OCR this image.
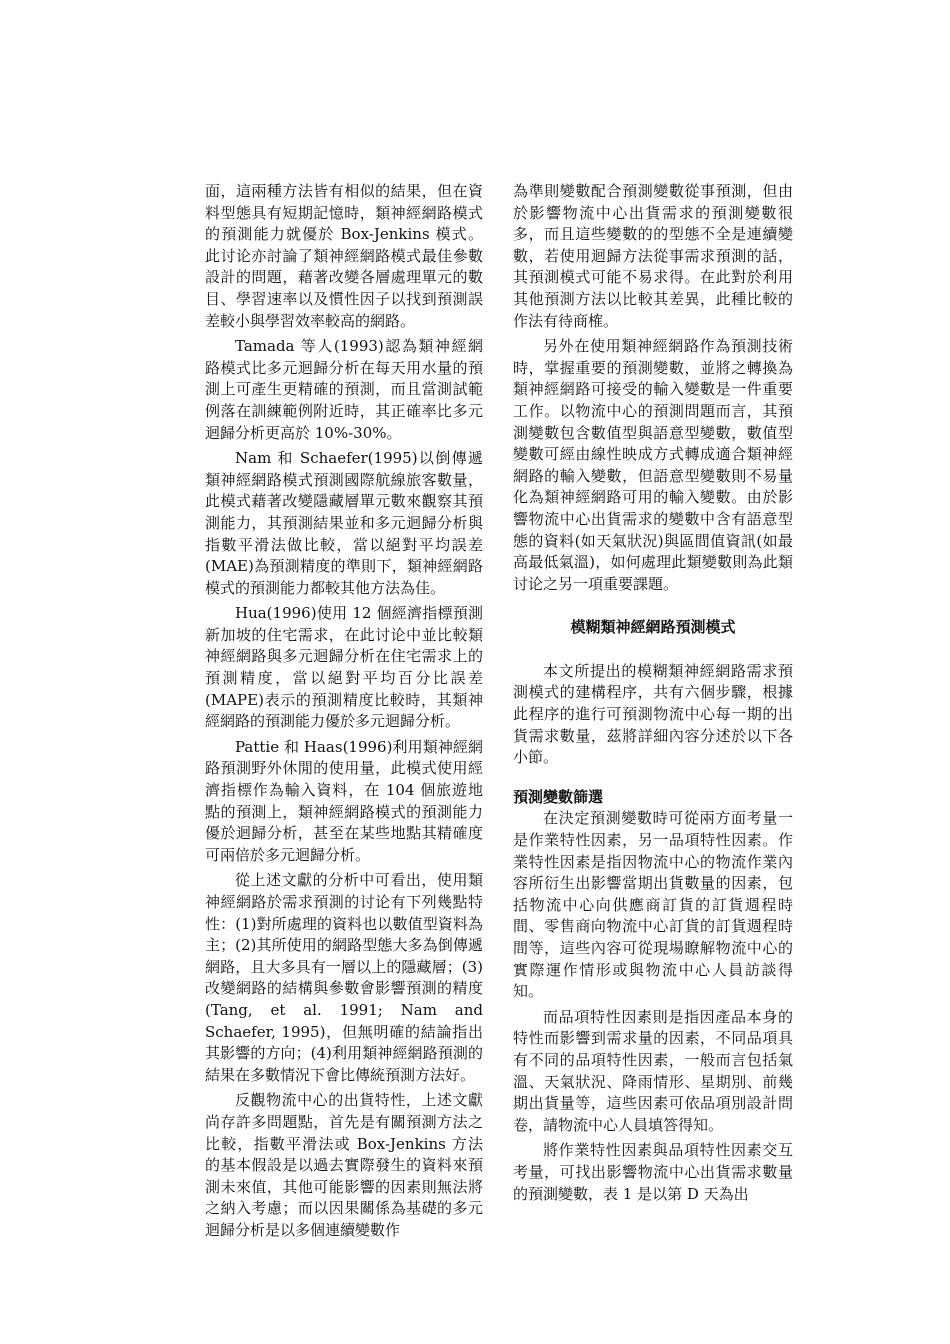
面，這兩種方法皆有相似的結果，但在資料型態具有短期記憶時，類神經網路模式的預測能力就優於 Box-Jenkins 模式。此讨论亦討論了類神經網路模式最佳參數設計的問題，藉著改變各層處理單元的數目、學習速率以及慣性因子以找到預測誤差較小與學習效率較高的網路。

Tamada 等人(1993)認為類神經網路模式比多元迴歸分析在每天用水量的預測上可產生更精確的預測，而且當測試範例落在訓練範例附近時，其正確率比多元迴歸分析更高於 10%-30%。

Nam 和 Schaefer(1995)以倒傳遞類神經網路模式預測國際航線旅客數量，此模式藉著改變隱藏層單元數來觀察其預測能力，其預測結果並和多元迴歸分析與指數平滑法做比較，當以絕對平均誤差(MAE)為預測精度的準則下，類神經網路模式的預測能力都較其他方法為佳。

Hua(1996)使用 12 個經濟指標預測新加坡的住宅需求，在此讨论中並比較類神經網路與多元迴歸分析在住宅需求上的預測精度，當以絕對平均百分比誤差(MAPE)表示的預測精度比較時，其類神經網路的預測能力優於多元迴歸分析。

Pattie 和 Haas(1996)利用類神經網路預測野外休閒的使用量，此模式使用經濟指標作為輸入資料，在 104 個旅遊地點的預測上，類神經網路模式的預測能力優於迴歸分析，甚至在某些地點其精確度可兩倍於多元迴歸分析。

從上述文獻的分析中可看出，使用類神經網路於需求預測的讨论有下列幾點特性：(1)對所處理的資料也以數值型資料為主；(2)其所使用的網路型態大多為倒傳遞網路，且大多具有一層以上的隱藏層；(3)改變網路的結構與參數會影響預測的精度(Tang, et al. 1991; Nam and Schaefer, 1995)，但無明確的結論指出其影響的方向；(4)利用類神經網路預測的結果在多數情況下會比傳統預測方法好。

反觀物流中心的出貨特性，上述文獻尚存許多問題點，首先是有關預測方法之比較，指數平滑法或 Box-Jenkins 方法的基本假設是以過去實際發生的資料來預測未來值，其他可能影響的因素則無法將之納入考慮；而以因果關係為基礎的多元迴歸分析是以多個連續變數作

為準則變數配合預測變數從事預測，但由於影響物流中心出貨需求的預測變數很多，而且這些變數的的型態不全是連續變數，若使用迴歸方法從事需求預測的話，其預測模式可能不易求得。在此對於利用其他預測方法以比較其差異，此種比較的作法有待商榷。

另外在使用類神經網路作為預測技術時，掌握重要的預測變數，並將之轉換為類神經網路可接受的輸入變數是一件重要工作。以物流中心的預測問題而言，其預測變數包含數值型與語意型變數，數值型變數可經由線性映成方式轉成適合類神經網路的輸入變數，但語意型變數則不易量化為類神經網路可用的輸入變數。由於影響物流中心出貨需求的變數中含有語意型態的資料(如天氣狀況)與區間值資訊(如最高最低氣溫)，如何處理此類變數則為此類讨论之另一項重要課題。

模糊類神經網路預測模式

本文所提出的模糊類神經網路需求預測模式的建構程序，共有六個步驟，根據此程序的進行可預測物流中心每一期的出貨需求數量，茲將詳細內容分述於以下各小節。

預測變數篩選

在決定預測變數時可從兩方面考量一是作業特性因素，另一品項特性因素。作業特性因素是指因物流中心的物流作業內容所衍生出影響當期出貨數量的因素，包括物流中心向供應商訂貨的訂貨週程時間、零售商向物流中心訂貨的訂貨週程時間等，這些內容可從現場瞭解物流中心的實際運作情形或與物流中心人員訪談得知。

而品項特性因素則是指因產品本身的特性而影響到需求量的因素，不同品項具有不同的品項特性因素，一般而言包括氣溫、天氣狀況、降雨情形、星期別、前幾期出貨量等，這些因素可依品項別設計問卷，請物流中心人員填答得知。

將作業特性因素與品項特性因素交互考量，可找出影響物流中心出貨需求數量的預測變數，表 1 是以第 D 天為出
